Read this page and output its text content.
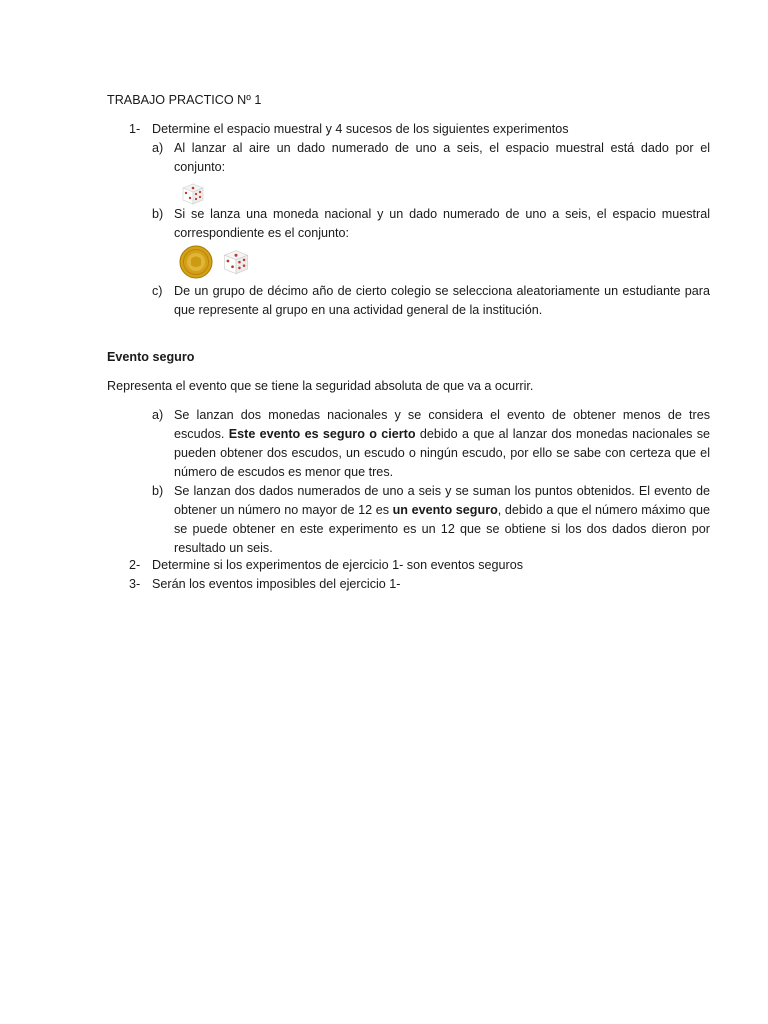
TRABAJO PRACTICO Nº 1
1- Determine el espacio muestral y 4 sucesos de los siguientes experimentos
a) Al lanzar al aire un dado numerado de uno a seis, el espacio muestral está dado por el conjunto:
b) Si se lanza una moneda nacional y un dado numerado de uno a seis, el espacio muestral correspondiente es el conjunto:
c) De un grupo de décimo año de cierto colegio se selecciona aleatoriamente un estudiante para que represente al grupo en una actividad general de la institución.
Evento seguro
Representa el evento que se tiene la seguridad absoluta de que va a ocurrir.
a) Se lanzan dos monedas nacionales y se considera el evento de obtener menos de tres escudos. Este evento es seguro o cierto debido a que al lanzar dos monedas nacionales se pueden obtener dos escudos, un escudo o ningún escudo, por ello se sabe con certeza que el número de escudos es menor que tres.
b) Se lanzan dos dados numerados de uno a seis y se suman los puntos obtenidos. El evento de obtener un número no mayor de 12 es un evento seguro, debido a que el número máximo que se puede obtener en este experimento es un 12 que se obtiene si los dos dados dieron por resultado un seis.
2- Determine si los experimentos de ejercicio 1- son eventos seguros
3- Serán los eventos imposibles del ejercicio 1-
